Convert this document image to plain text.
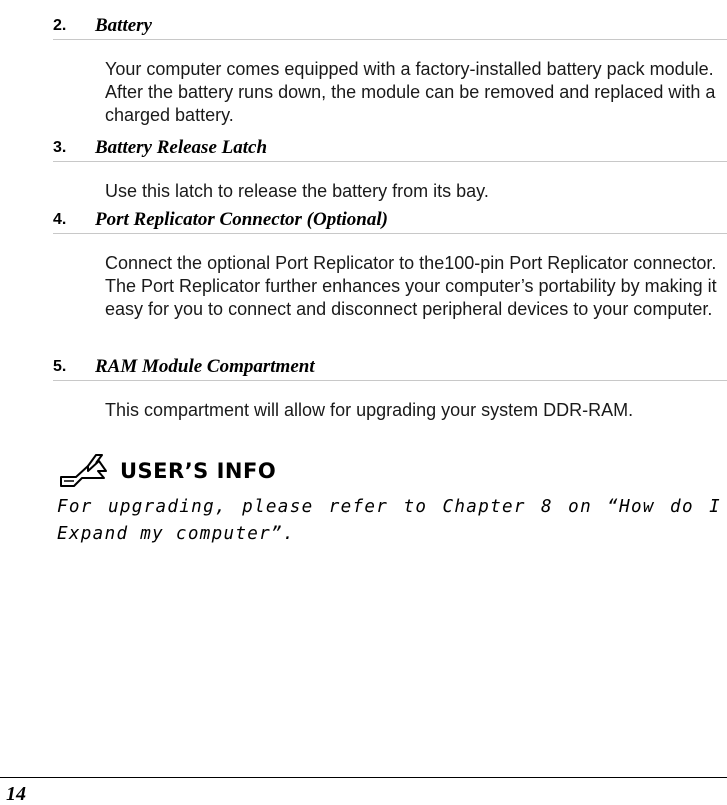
2. Battery
Your computer comes equipped with a factory-installed battery pack module. After the battery runs down, the module can be removed and replaced with a charged battery.
3. Battery Release Latch
Use this latch to release the battery from its bay.
4. Port Replicator Connector (Optional)
Connect the optional Port Replicator to the100-pin Port Replicator connector. The Port Replicator further enhances your computer’s portability by making it easy for you to connect and disconnect peripheral devices to your computer.
5. RAM Module Compartment
This compartment will allow for upgrading your system DDR-RAM.
USER’S INFO
For upgrading, please refer to Chapter 8 on “How do I Expand my computer”.
14
